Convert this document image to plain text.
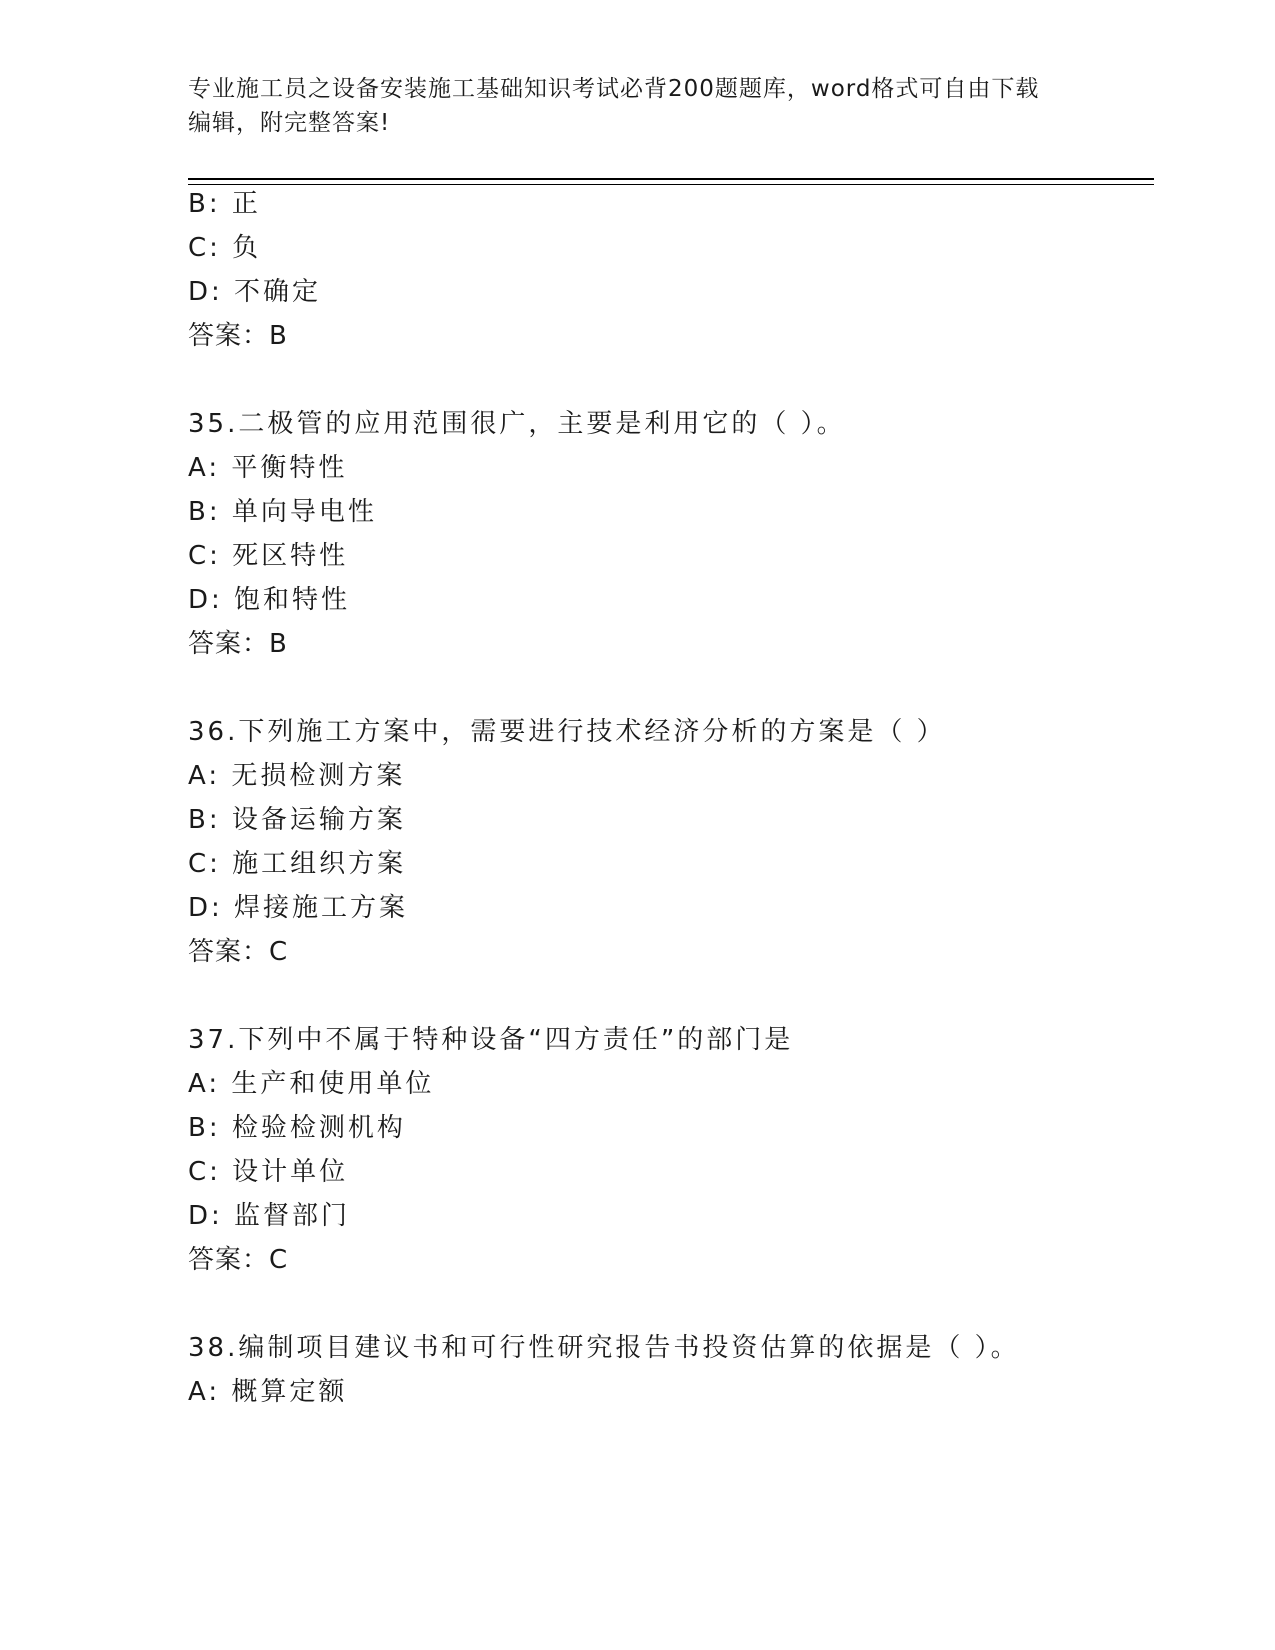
专业施工员之设备安装施工基础知识考试必背200题题库，word格式可自由下载
编辑，附完整答案!
B: 正
C: 负
D: 不确定
答案：B
35.二极管的应用范围很广，主要是利用它的（ ）。
A: 平衡特性
B: 单向导电性
C: 死区特性
D: 饱和特性
答案：B
36.下列施工方案中，需要进行技术经济分析的方案是（ ）
A: 无损检测方案
B: 设备运输方案
C: 施工组织方案
D: 焊接施工方案
答案：C
37.下列中不属于特种设备“四方责任”的部门是
A: 生产和使用单位
B: 检验检测机构
C: 设计单位
D: 监督部门
答案：C
38.编制项目建议书和可行性研究报告书投资估算的依据是（ ）。
A: 概算定额
